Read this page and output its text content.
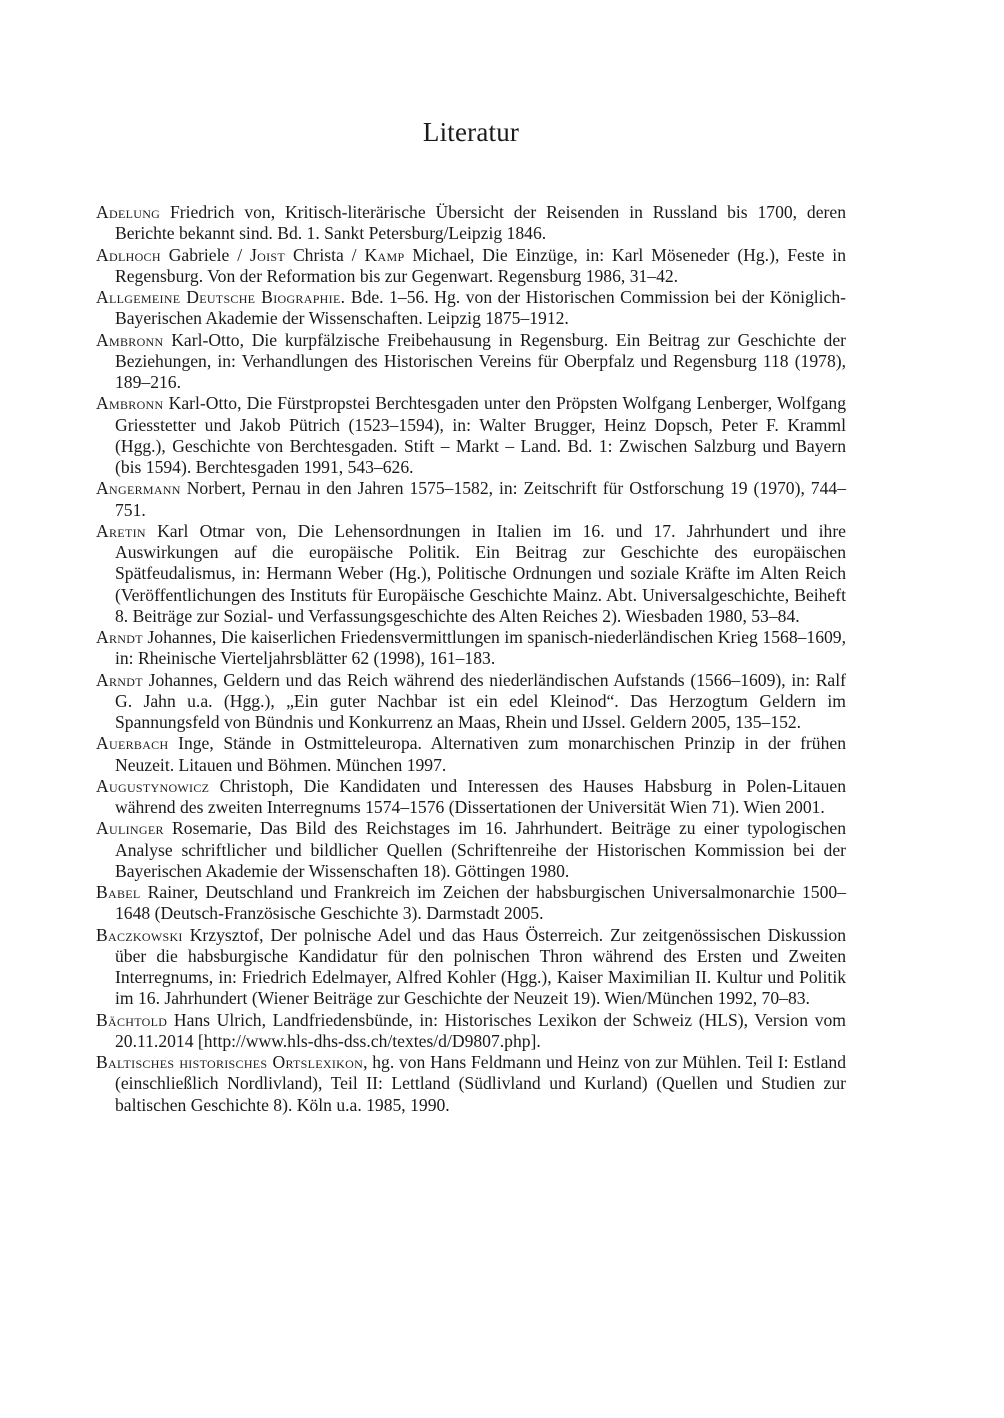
Literatur
Adelung Friedrich von, Kritisch-literärische Übersicht der Reisenden in Russland bis 1700, deren Berichte bekannt sind. Bd. 1. Sankt Petersburg/Leipzig 1846.
Adlhoch Gabriele / Joist Christa / Kamp Michael, Die Einzüge, in: Karl Möseneder (Hg.), Feste in Regensburg. Von der Reformation bis zur Gegenwart. Regensburg 1986, 31–42.
Allgemeine Deutsche Biographie. Bde. 1–56. Hg. von der Historischen Commission bei der Königlich-Bayerischen Akademie der Wissenschaften. Leipzig 1875–1912.
Ambronn Karl-Otto, Die kurpfälzische Freibehausung in Regensburg. Ein Beitrag zur Geschichte der Beziehungen, in: Verhandlungen des Historischen Vereins für Oberpfalz und Regensburg 118 (1978), 189–216.
Ambronn Karl-Otto, Die Fürstpropstei Berchtesgaden unter den Pröpsten Wolfgang Lenberger, Wolfgang Griesstetter und Jakob Pütrich (1523–1594), in: Walter Brugger, Heinz Dopsch, Peter F. Kramml (Hgg.), Geschichte von Berchtesgaden. Stift – Markt – Land. Bd. 1: Zwischen Salzburg und Bayern (bis 1594). Berchtesgaden 1991, 543–626.
Angermann Norbert, Pernau in den Jahren 1575–1582, in: Zeitschrift für Ostforschung 19 (1970), 744–751.
Aretin Karl Otmar von, Die Lehensordnungen in Italien im 16. und 17. Jahrhundert und ihre Auswirkungen auf die europäische Politik. Ein Beitrag zur Geschichte des europäischen Spätfeudalismus, in: Hermann Weber (Hg.), Politische Ordnungen und soziale Kräfte im Alten Reich (Veröffentlichungen des Instituts für Europäische Geschichte Mainz. Abt. Universalgeschichte, Beiheft 8. Beiträge zur Sozial- und Verfassungsgeschichte des Alten Reiches 2). Wiesbaden 1980, 53–84.
Arndt Johannes, Die kaiserlichen Friedensvermittlungen im spanisch-niederländischen Krieg 1568–1609, in: Rheinische Vierteljahrsblätter 62 (1998), 161–183.
Arndt Johannes, Geldern und das Reich während des niederländischen Aufstands (1566–1609), in: Ralf G. Jahn u.a. (Hgg.), „Ein guter Nachbar ist ein edel Kleinod“. Das Herzogtum Geldern im Spannungsfeld von Bündnis und Konkurrenz an Maas, Rhein und IJssel. Geldern 2005, 135–152.
Auerbach Inge, Stände in Ostmitteleuropa. Alternativen zum monarchischen Prinzip in der frühen Neuzeit. Litauen und Böhmen. München 1997.
Augustynowicz Christoph, Die Kandidaten und Interessen des Hauses Habsburg in Polen-Litauen während des zweiten Interregnums 1574–1576 (Dissertationen der Universität Wien 71). Wien 2001.
Aulinger Rosemarie, Das Bild des Reichstages im 16. Jahrhundert. Beiträge zu einer typologischen Analyse schriftlicher und bildlicher Quellen (Schriftenreihe der Historischen Kommission bei der Bayerischen Akademie der Wissenschaften 18). Göttingen 1980.
Babel Rainer, Deutschland und Frankreich im Zeichen der habsburgischen Universalmonarchie 1500–1648 (Deutsch-Französische Geschichte 3). Darmstadt 2005.
Baczkowski Krzysztof, Der polnische Adel und das Haus Österreich. Zur zeitgenössischen Diskussion über die habsburgische Kandidatur für den polnischen Thron während des Ersten und Zweiten Interregnums, in: Friedrich Edelmayer, Alfred Kohler (Hgg.), Kaiser Maximilian II. Kultur und Politik im 16. Jahrhundert (Wiener Beiträge zur Geschichte der Neuzeit 19). Wien/München 1992, 70–83.
Bächtold Hans Ulrich, Landfriedensbünde, in: Historisches Lexikon der Schweiz (HLS), Version vom 20.11.2014 [http://www.hls-dhs-dss.ch/textes/d/D9807.php].
Baltisches historisches Ortslexikon, hg. von Hans Feldmann und Heinz von zur Mühlen. Teil I: Estland (einschließlich Nordlivland), Teil II: Lettland (Südlivland und Kurland) (Quellen und Studien zur baltischen Geschichte 8). Köln u.a. 1985, 1990.
